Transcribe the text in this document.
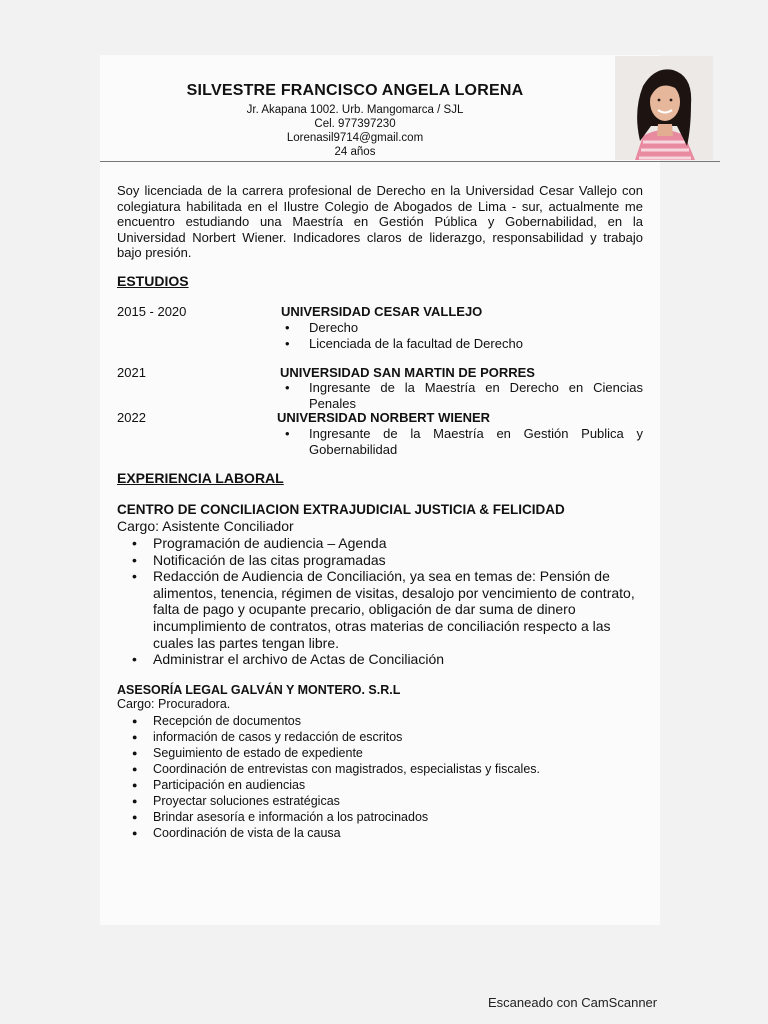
SILVESTRE FRANCISCO ANGELA LORENA
Jr. Akapana 1002. Urb. Mangomarca / SJL
Cel. 977397230
Lorenasil9714@gmail.com
24 años
Soy licenciada de la carrera profesional de Derecho en la Universidad Cesar Vallejo con colegiatura habilitada en el Ilustre Colegio de Abogados de Lima - sur, actualmente me encuentro estudiando una Maestría en Gestión Pública y Gobernabilidad, en la Universidad Norbert Wiener. Indicadores claros de liderazgo, responsabilidad y trabajo bajo presión.
ESTUDIOS
2015 - 2020	UNIVERSIDAD CESAR VALLEJO
• Derecho
• Licenciada de la facultad de Derecho
2021	UNIVERSIDAD SAN MARTIN DE PORRES
• Ingresante de la Maestría en Derecho en Ciencias Penales
2022	UNIVERSIDAD NORBERT WIENER
• Ingresante de la Maestría en Gestión Publica y Gobernabilidad
EXPERIENCIA LABORAL
CENTRO DE CONCILIACION EXTRAJUDICIAL JUSTICIA & FELICIDAD
Cargo: Asistente Conciliador
• Programación de audiencia – Agenda
• Notificación de las citas programadas
• Redacción de Audiencia de Conciliación, ya sea en temas de: Pensión de alimentos, tenencia, régimen de visitas, desalojo por vencimiento de contrato, falta de pago y ocupante precario, obligación de dar suma de dinero incumplimiento de contratos, otras materias de conciliación respecto a las cuales las partes tengan libre.
• Administrar el archivo de Actas de Conciliación
ASESORÍA LEGAL GALVÁN Y MONTERO. S.R.L
Cargo: Procuradora.
● Recepción de documentos
● información de casos y redacción de escritos
● Seguimiento de estado de expediente
● Coordinación de entrevistas con magistrados, especialistas y fiscales.
● Participación en audiencias
● Proyectar soluciones estratégicas
● Brindar asesoría e información a los patrocinados
● Coordinación de vista de la causa
Escaneado con CamScanner
